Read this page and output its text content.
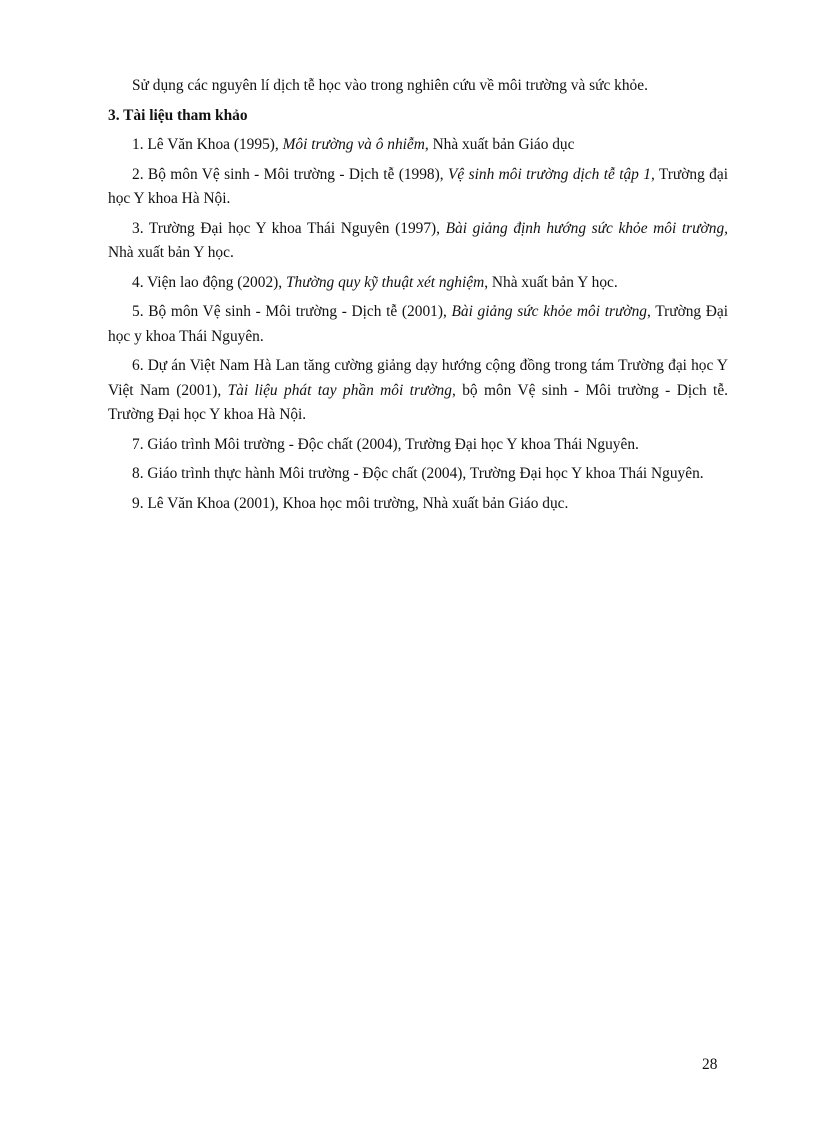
Sử dụng các nguyên lí dịch tễ học vào trong nghiên cứu về môi trường và sức khỏe.

3. Tài liệu tham khảo

1. Lê Văn Khoa (1995), Môi trường và ô nhiễm, Nhà xuất bản Giáo dục

2. Bộ môn Vệ sinh - Môi trường - Dịch tễ (1998), Vệ sinh môi trường dịch tễ tập 1, Trường đại học Y khoa Hà Nội.

3. Trường Đại học Y khoa Thái Nguyên (1997), Bài giảng định hướng sức khỏe môi trường, Nhà xuất bản Y học.

4. Viện lao động (2002), Thường quy kỹ thuật xét nghiệm, Nhà xuất bản Y học.

5. Bộ môn Vệ sinh - Môi trường - Dịch tễ (2001), Bài giảng sức khỏe môi trường, Trường Đại học y khoa Thái Nguyên.

6. Dự án Việt Nam Hà Lan tăng cường giảng dạy hướng cộng đồng trong tám Trường đại học Y Việt Nam (2001), Tài liệu phát tay phần môi trường, bộ môn Vệ sinh - Môi trường - Dịch tễ. Trường Đại học Y khoa Hà Nội.

7. Giáo trình Môi trường - Độc chất (2004), Trường Đại học Y khoa Thái Nguyên.

8. Giáo trình thực hành Môi trường - Độc chất (2004), Trường Đại học Y khoa Thái Nguyên.

9. Lê Văn Khoa (2001), Khoa học môi trường, Nhà xuất bản Giáo dục.

28
